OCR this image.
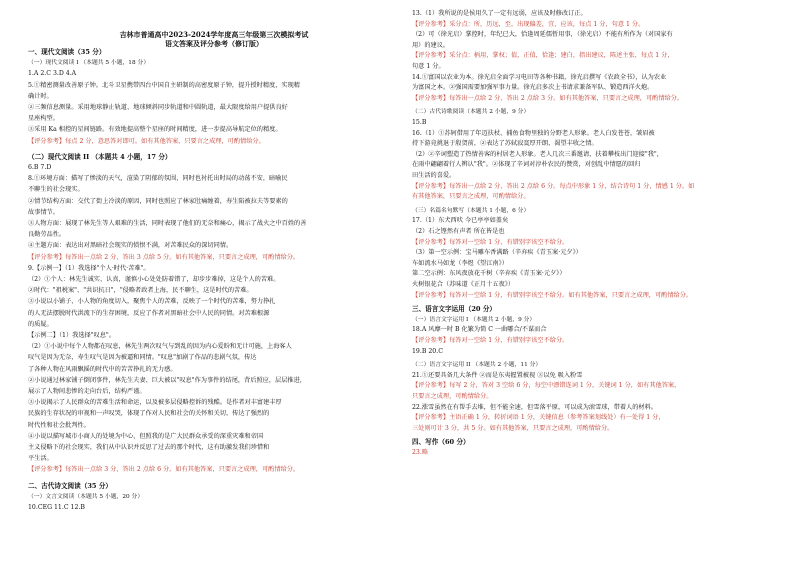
吉林市普通高中2023-2024学年度高三年级第三次模拟考试
语文答案及评分参考（修订版）
一、现代文阅读（35 分）
（一）现代文阅读 I （本题共 5 小题，18 分）
1.A 2.C 3.D 4.A
5.①精密测量改善原子钟。北斗卫星携带四台中国自主研制的高密度原子钟，提升授时精度，实现精
确计时。
②三频信息测量。采用地球静止轨道、地球倾斜同步轨道和中圆轨道，最大限度给用户提供良好
星座构型。
③采用 Ka 相控的星间链路。有效地提高整个星座的时间精度，进一步提高导航定位的精度。
【评分参考】每点 2 分，意思答对即可。如有其他答案，只要言之成理，可酌情给分。
（二）现代文阅读 II （本题共 4 小题，17 分）
6.B 7.D
8.①环境方面：描写了惨淡的天气，渲染了阴郁的氛围，同时也衬托出时局的动荡不安，暗喻民
不聊生的社会现实。
②情节结构方面：交代了街上冷淡的原因，同时也照应了林家肚痛缠着，寿生陷被拉夫等要素的
故事情节。
③人物方面：展现了林先生等人艰难的生活，同时表现了他们的无奈和痛心，揭示了战火之中百姓的善
良勤劳品性。
④主题方面：表达出对黑暗社会现实的愤恨不满，对苦难民众的深切同情。
【评分参考】每答出一点给 2 分，答出 3 点给 5 分。如有其他答案，只要言之成理，可酌情给分。
9.【示例一】（1）我选择"个人·时代·苦难"。
（2）①个人：林先生诚实、认真，谨慎小心处处防着错了，却步步难掉，这是个人的苦难。
②时代："祖税案"、"共识抗日"，"侵略者政者上海，民不聊生，这是时代的苦难。
③小说以小铺子、小人物的角度切入，聚焦个人的苦难，反映了一个时代的苦难，努力挣扎
的人无法摆脱时代洪流下的生存困境，反应了作者对黑暗社会中人民的同情。对苦难根源
的质疑。
【示例二】（1）我选择"叹息"。
（2）①小说中每个人物都在叹息，林先生两次叹气与到乱的因为内心爱盼和无计可施，上海客人
叹气是因为无奈，寿生叹气是因为被逼和同情。"叹息"加剧了作品的悲剧气氛，传达
了各种人物在风雨飘摇的时代中的苦苦挣扎的无力感。
②小说通过林家铺子倒闭事件，林先生夫妻、巨大被以"叹息"作为事件的结尾，背后照应，层层推进，
展示了人物间悲惨的走向台后，结构严谨。
③小说揭示了人民群众的苦难生活和命运，以及被多层侵略控诉的残酷。是作者对丰富建丰厚
民族的生存状况的审视和一声叹哭，体现了作对人民和社会的关怀和关切，传达了强烈的
时代性和社会批判性。
④小说以描写城市小商人的处境为中心，但照我的是广大民群众承受的深重灾难和帝国
主义侵略下的社会现实，我们从中认识并反思了过去的那个时代，这有助激发我们珍惜和
平生活。
【评分参考】每答出一点给 3 分，答出 2 点给 6 分。如有其他答案，只要言之成理，可酌情给分。
二、古代诗文阅读（35 分）
（一）文言文阅读（本题共 5 小题，20 分）
10.CEG 11.C 12.B
13.（1）我所说的是侯用久了一定有远弱，应该及时修改订正。
【评分参考】采分点：所，历远，至，出现偏差，宜，应该，每点 1 分，句意 1 分。
（2）可（徐光启）掌控时，年纪已大，恰逢周延儒暂用事，（徐光启）不能有所作为（对国家有
用）的建议。
【评分参考】采分点：柄用，掌权；值，正值，恰逢；建白，指出建议，陈述主张，每点 1 分，
句意 1 分。
14.①富国以农业为本。徐光启全面学习电田等各种书籍，徐光启撰写《农政全书》，认为农业
为富国之本。②强国需要加强军事力量。徐光启多次上书请求兼备军队、锻造西洋火炮。
【评分参考】每答出一点给 2 分，答出 2 点给 3 分。如有其他答案，只要言之成理，可酌情给分。
（二）古代诗歌阅读（本题共 2 小题，9 分）
15.B
16.（1）①苏轲借用了年迈扶杖、捕鱼食物里独的分野老人形象。老人白发苍苍，皱眉被
持下游竟挑退于殷贺前，②表达了苏轼寂寞厚开朗、渴望丰收之情。
（2）②辛词塑造了热情善客的村居老人形象。老人几次三番邀请，扶着攀枝出门迎接"我"，
在雨中翩翩着行人辨认"我"。②体现了辛词对淳朴农民的赞赏，对创乱中情愿的回归
田生活的喜爱。
【评分参考】每答出一点给 2 分，答出 2 点给 6 分。每点中形象 1 分，结合诗句 1 分，情感 1 分。如
有其他答案，只要言之成理，可酌情给分。
（三）名篇名句默写（本题共 1 小题，6 分）
17.（1）东犬西吠 今已亭亭如盖矣
（2）石之铿然有声者 所在皆是也
【评分参考】每答对一空给 1 分，有错别字该空不给分。
（3）第一空示例：宝马雕车香满路（辛弃疾《青玉案·元夕》）
车如流水马如龙（李煜《望江南》）
第二空示例：东风夜放花千树（辛弃疾《青玉案·元夕》）
火树银花合（苏味道《正月十五夜》）
【评分参考】每答对一空给 1 分，有错别字该空不给分。如有其他答案，只要言之成理，可酌情给分。
三、语言文字运用（20 分）
（一）语言文字运用 I （本题共 2 小题，9 分）
18.A 风靡一时 B 化繁为简 C 一曲哪合/不谋而合
【评分参考】每答对一空给 1 分，有错别字该空不给分。
19.B 20.C
（二）语言文字运用 II （本题共 2 小题，11 分）
21.①还要具备几大条件 ②而是东夷握置被视 ③以免 吸入粉雪
【评分参考】每写 2 分，答对 3 空给 6 分，每空中漂错连词 1 分，关键词 1 分，如有其他答案，
只要言之成理，可酌情给分。
22.涨雪虽然在有帮手去堆，但不能全速，但雪落平原，可以成为滚雪球，带着人的材料。
【评分参考】主语正确 1 分，转折词语 1 分，关键信息（参考答案划线处）有一处得 1 分，
三处则可计 3 分，共 5 分。如有其他答案，只要言之成理，可酌情给分。
四、写作（60 分）
23.略
